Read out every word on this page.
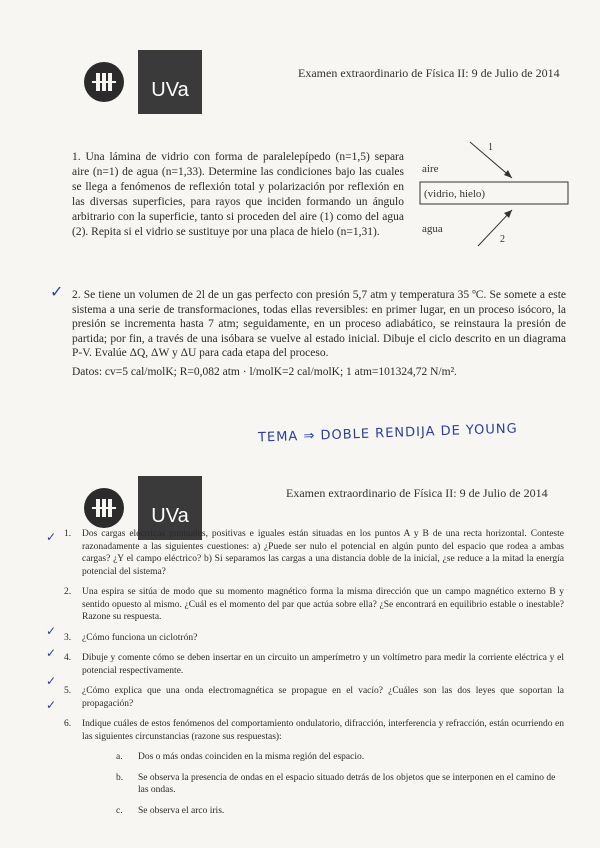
UVa
Examen extraordinario de Física II: 9 de Julio de 2014
1. Una lámina de vidrio con forma de paralelepípedo (n=1,5) separa aire (n=1) de agua (n=1,33). Determine las condiciones bajo las cuales se llega a fenómenos de reflexión total y polarización por reflexión en las diversas superficies, para rayos que inciden formando un ángulo arbitrario con la superficie, tanto si proceden del aire (1) como del agua (2). Repita si el vidrio se sustituye por una placa de hielo (n=1,31).
aire
(vidrio, hielo)
agua
1
2
✓ 2. Se tiene un volumen de 2l de un gas perfecto con presión 5,7 atm y temperatura 35 ºC. Se somete a este sistema a una serie de transformaciones, todas ellas reversibles: en primer lugar, en un proceso isócoro, la presión se incrementa hasta 7 atm; seguidamente, en un proceso adiabático, se reinstaura la presión de partida; por fin, a través de una isóbara se vuelve al estado inicial. Dibuje el ciclo descrito en un diagrama P-V. Evalúe ΔQ, ΔW y ΔU para cada etapa del proceso.
Datos: cv=5 cal/molK; R=0,082 atm · l/molK=2 cal/molK; 1 atm=101324,72 N/m².
TEMA ⇒ DOBLE RENDIJA DE YOUNG
UVa
Examen extraordinario de Física II: 9 de Julio de 2014
✓
✓
✓
✓
✓
1.	Dos cargas eléctricas puntuales, positivas e iguales están situadas en los puntos A y B de una recta horizontal. Conteste razonadamente a las siguientes cuestiones: a) ¿Puede ser nulo el potencial en algún punto del espacio que rodea a ambas cargas? ¿Y el campo eléctrico? b) Si separamos las cargas a una distancia doble de la inicial, ¿se reduce a la mitad la energía potencial del sistema?
2.	Una espira se sitúa de modo que su momento magnético forma la misma dirección que un campo magnético externo B y sentido opuesto al mismo. ¿Cuál es el momento del par que actúa sobre ella? ¿Se encontrará en equilibrio estable o inestable? Razone su respuesta.
3.	¿Cómo funciona un ciclotrón?
4.	Dibuje y comente cómo se deben insertar en un circuito un amperímetro y un voltímetro para medir la corriente eléctrica y el potencial respectivamente.
5.	¿Cómo explica que una onda electromagnética se propague en el vacío? ¿Cuáles son las dos leyes que soportan la propagación?
6.	Indique cuáles de estos fenómenos del comportamiento ondulatorio, difracción, interferencia y refracción, están ocurriendo en las siguientes circunstancias (razone sus respuestas):
a.	Dos o más ondas coinciden en la misma región del espacio.
b.	Se observa la presencia de ondas en el espacio situado detrás de los objetos que se interponen en el camino de las ondas.
c.	Se observa el arco iris.
